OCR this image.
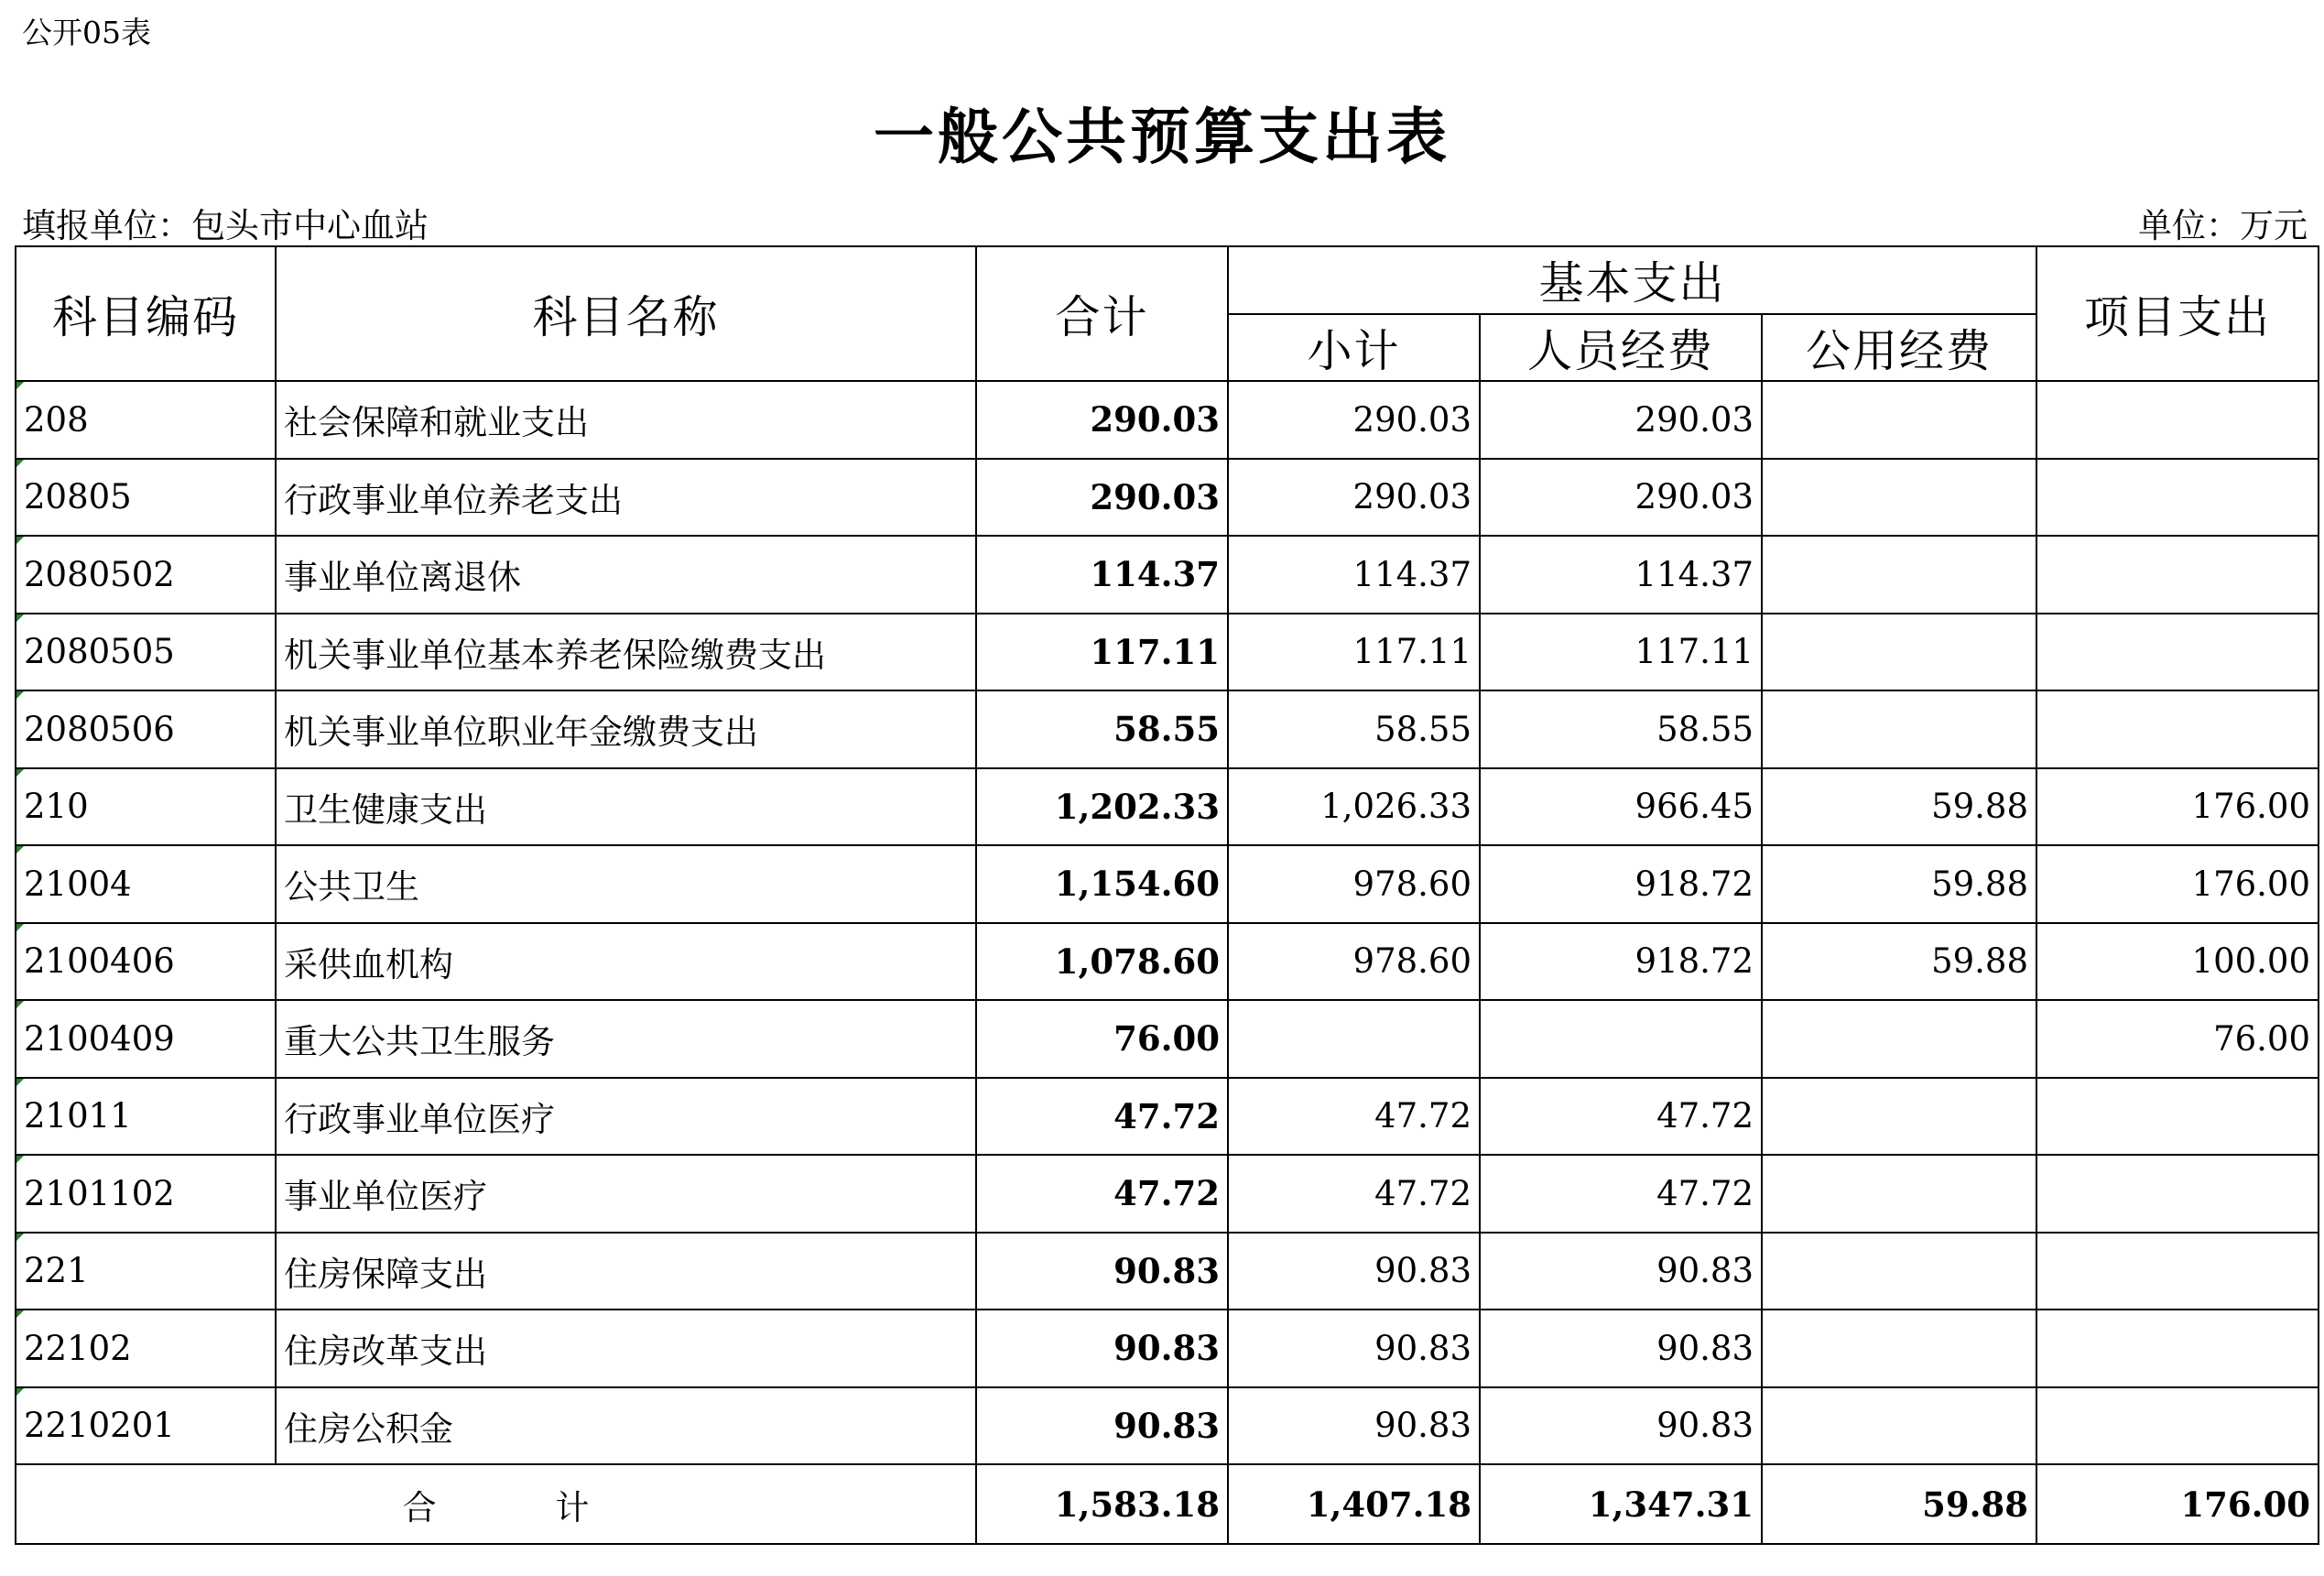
公开05表
一般公共预算支出表
填报单位：包头市中心血站	单位：万元
科目编码	科目名称	合计	基本支出			项目支出
			小计	人员经费	公用经费	
208	社会保障和就业支出	290.03	290.03	290.03		
20805	行政事业单位养老支出	290.03	290.03	290.03		
2080502	事业单位离退休	114.37	114.37	114.37		
2080505	机关事业单位基本养老保险缴费支出	117.11	117.11	117.11		
2080506	机关事业单位职业年金缴费支出	58.55	58.55	58.55		
210	卫生健康支出	1,202.33	1,026.33	966.45	59.88	176.00
21004	公共卫生	1,154.60	978.60	918.72	59.88	176.00
2100406	采供血机构	1,078.60	978.60	918.72	59.88	100.00
2100409	重大公共卫生服务	76.00				76.00
21011	行政事业单位医疗	47.72	47.72	47.72		
2101102	事业单位医疗	47.72	47.72	47.72		
221	住房保障支出	90.83	90.83	90.83		
22102	住房改革支出	90.83	90.83	90.83		
2210201	住房公积金	90.83	90.83	90.83		
合 计		1,583.18	1,407.18	1,347.31	59.88	176.00
